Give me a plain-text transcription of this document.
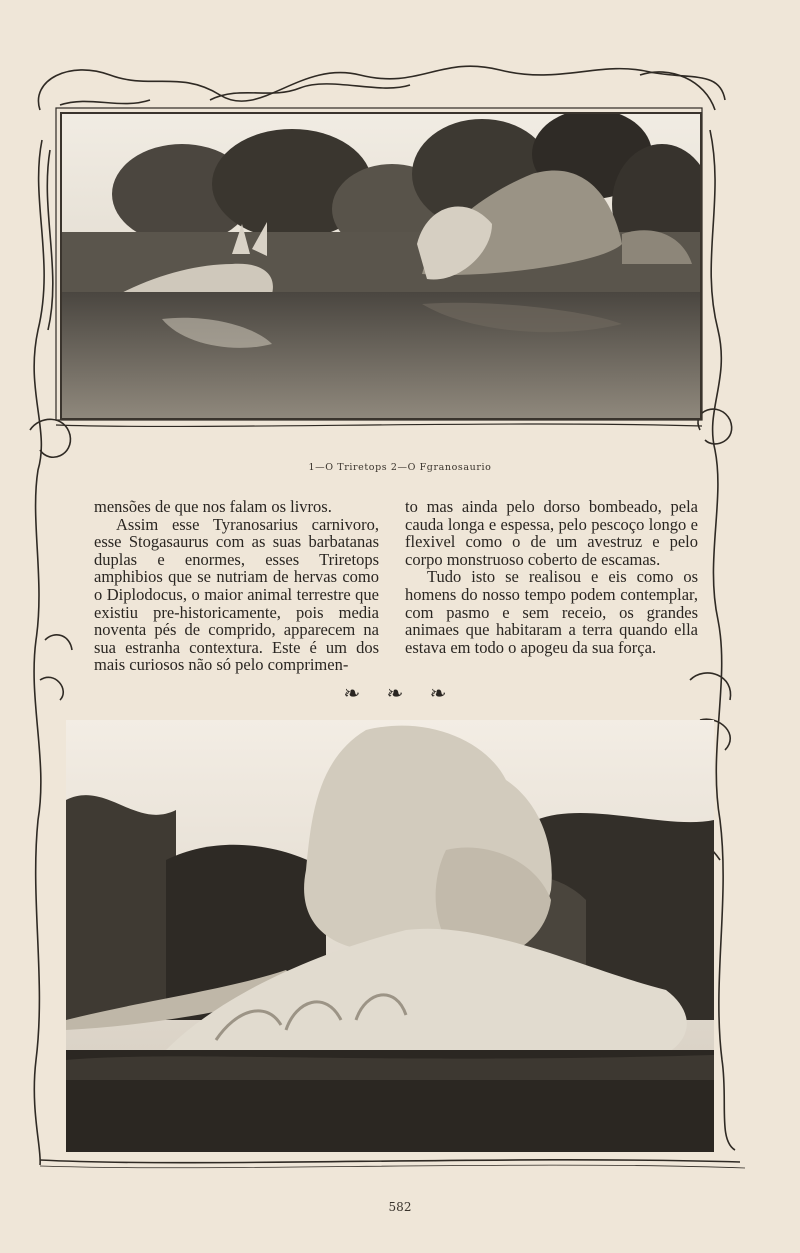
1—O Triretops 2—O Fgranosaurio

mensões de que nos falam os livros.

Assim esse Tyranosarius carnivoro, esse Stogasaurus com as suas barbatanas duplas e enormes, esses Triretops amphibios que se nutriam de hervas como o Diplodocus, o maior animal terrestre que existiu pre-historicamente, pois media noventa pés de comprido, apparecem na sua estranha contextura. Este é um dos mais curiosos não só pelo comprimen-

to mas ainda pelo dorso bombeado, pela cauda longa e espessa, pelo pescoço longo e flexivel como o de um avestruz e pelo corpo monstruoso coberto de escamas.

Tudo isto se realisou e eis como os homens do nosso tempo podem contemplar, com pasmo e sem receio, os grandes animaes que habitaram a terra quando ella estava em todo o apogeu da sua força.

❧ ❧ ❧
582
